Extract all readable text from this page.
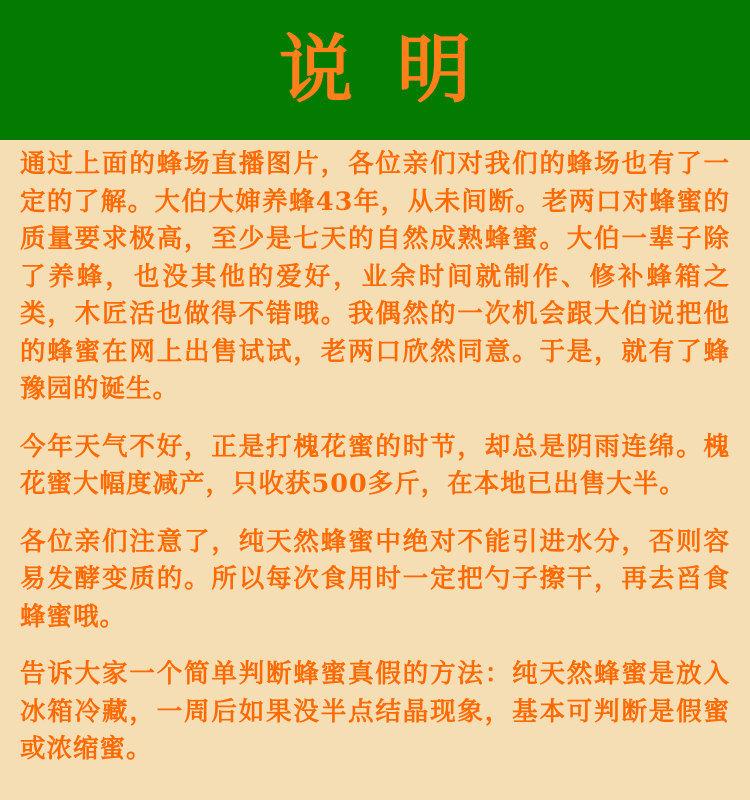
说明

通过上面的蜂场直播图片，各位亲们对我们的蜂场也有了一定的了解。大伯大婶养蜂43年，从未间断。老两口对蜂蜜的质量要求极高，至少是七天的自然成熟蜂蜜。大伯一辈子除了养蜂，也没其他的爱好，业余时间就制作、修补蜂箱之类，木匠活也做得不错哦。我偶然的一次机会跟大伯说把他的蜂蜜在网上出售试试，老两口欣然同意。于是，就有了蜂豫园的诞生。

今年天气不好，正是打槐花蜜的时节，却总是阴雨连绵。槐花蜜大幅度减产，只收获500多斤，在本地已出售大半。

各位亲们注意了，纯天然蜂蜜中绝对不能引进水分，否则容易发酵变质的。所以每次食用时一定把勺子擦干，再去舀食蜂蜜哦。

告诉大家一个简单判断蜂蜜真假的方法：纯天然蜂蜜是放入冰箱冷藏，一周后如果没半点结晶现象，基本可判断是假蜜或浓缩蜜。
